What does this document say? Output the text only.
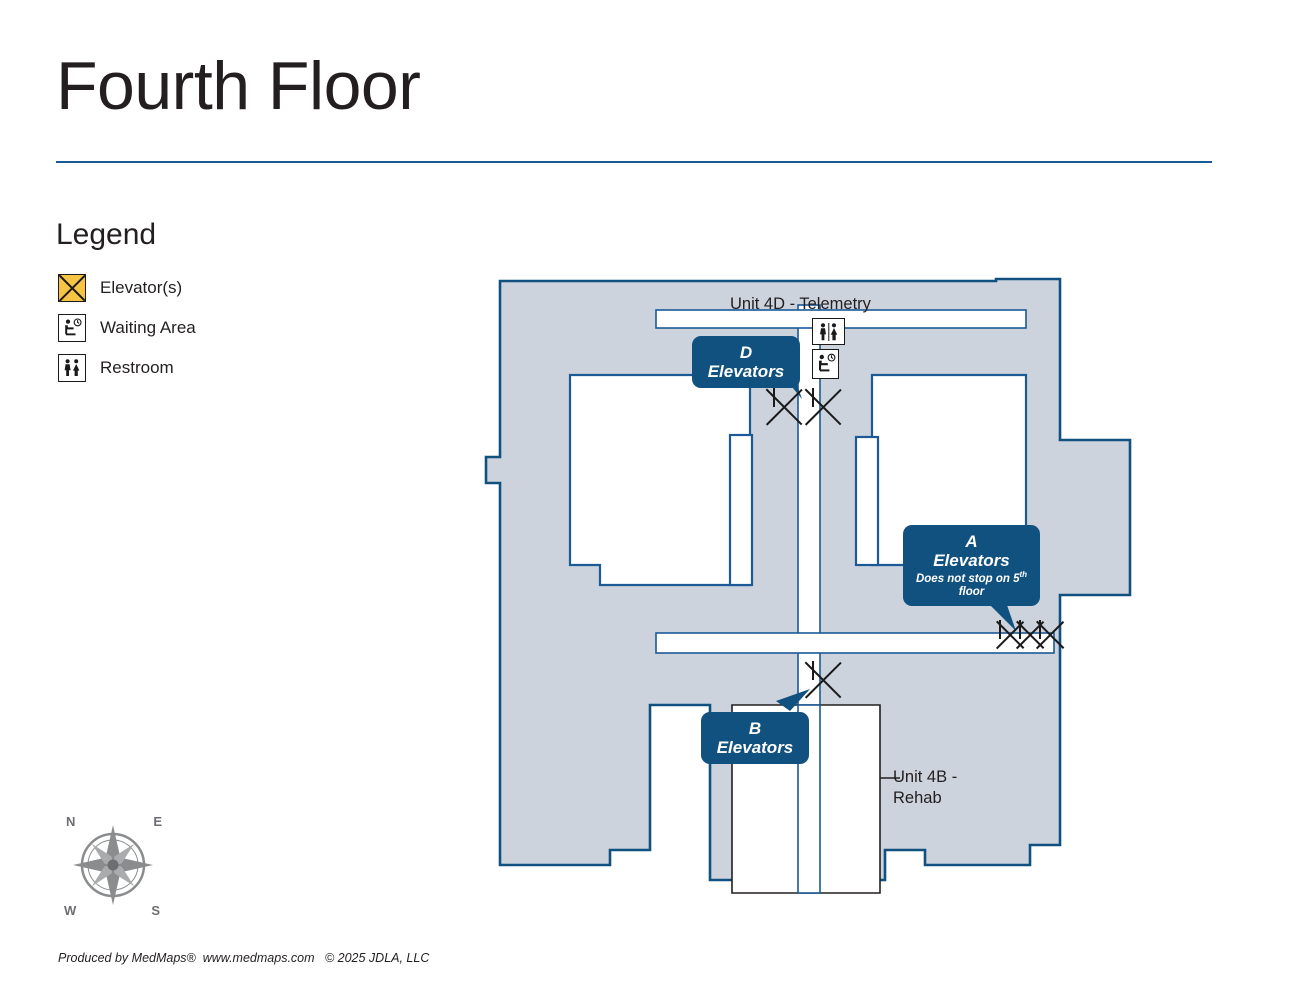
Fourth Floor
Legend
Elevator(s)
Waiting Area
Restroom
N	E
W	S
Produced by MedMaps®  www.medmaps.com   © 2025 JDLA, LLC
Unit 4D - Telemetry
Unit 4B -
Rehab
D
Elevators
A
Elevators
Does not stop on 5th floor
B
Elevators
